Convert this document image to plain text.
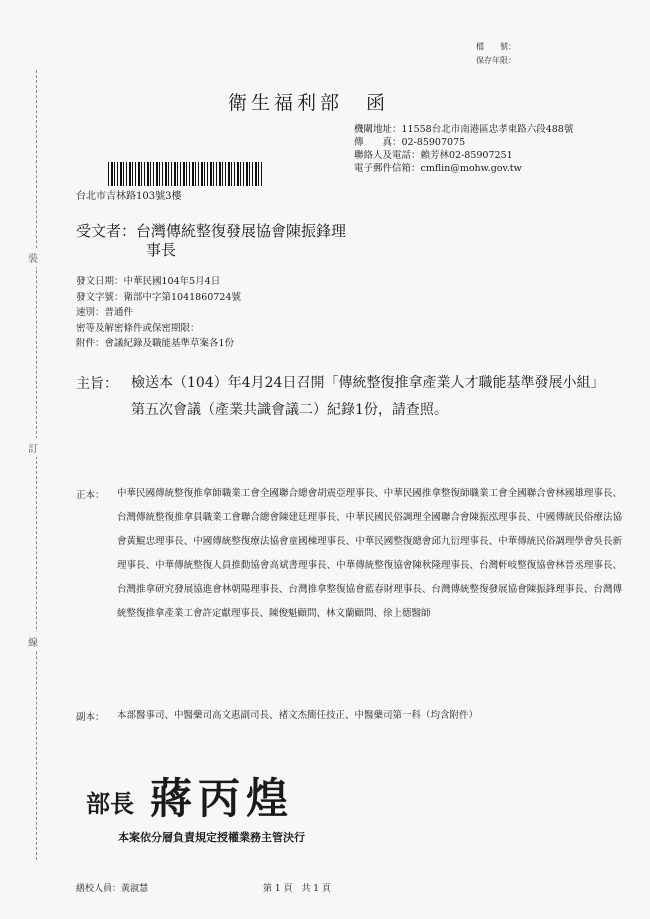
裝
訂
線
檔　　號：
保存年限：
衛生福利部　函
機關地址：11558台北市南港區忠孝東路六段488號
傳　　真：02-85907075
聯絡人及電話：賴芳林02-85907251
電子郵件信箱：cmflin@mohw.gov.tw
台北市吉林路103號3樓
受文者：台灣傳統整復發展協會陳振鋒理
事長
發文日期：中華民國104年5月4日
發文字號：衛部中字第1041860724號
速別：普通件
密等及解密條件或保密期限：
附件：會議紀錄及職能基準草案各1份
主旨： 檢送本（104）年4月24日召開「傳統整復推拿產業人才職能基準發展小組」第五次會議（產業共識會議二）紀錄1份，請查照。
正本： 中華民國傳統整復推拿師職業工會全國聯合總會胡震亞理事長、中華民國推拿整復師職業工會全國聯合會林國雄理事長、台灣傳統整復推拿員職業工會聯合總會陳建廷理事長、中華民國民俗調理全國聯合會陳振泓理事長、中國傳統民俗療法協會黃鯤忠理事長、中國傳統整復療法協會童國棟理事長、中華民國整復總會邱九衍理事長、中華傳統民俗調理學會吳長新理事長、中華傳統整復人員推動協會高斌書理事長、中華傳統整復協會陳秋隆理事長、台灣軒岐整復協會林晉丞理事長、台灣推拿研究發展協進會林朝陽理事長、台灣推拿整復協會藍春財理事長、台灣傳統整復發展協會陳振鋒理事長、台灣傳統整復推拿產業工會許定獻理事長、陳俊魁顧問、林文蘭顧問、徐上德醫師
副本： 本部醫事司、中醫藥司高文惠副司長、褚文杰簡任技正、中醫藥司第一科（均含附件）
部長 蔣丙煌
本案依分層負責規定授權業務主管決行
繕校人員：黃淑慧	第 1 頁　共 1 頁
